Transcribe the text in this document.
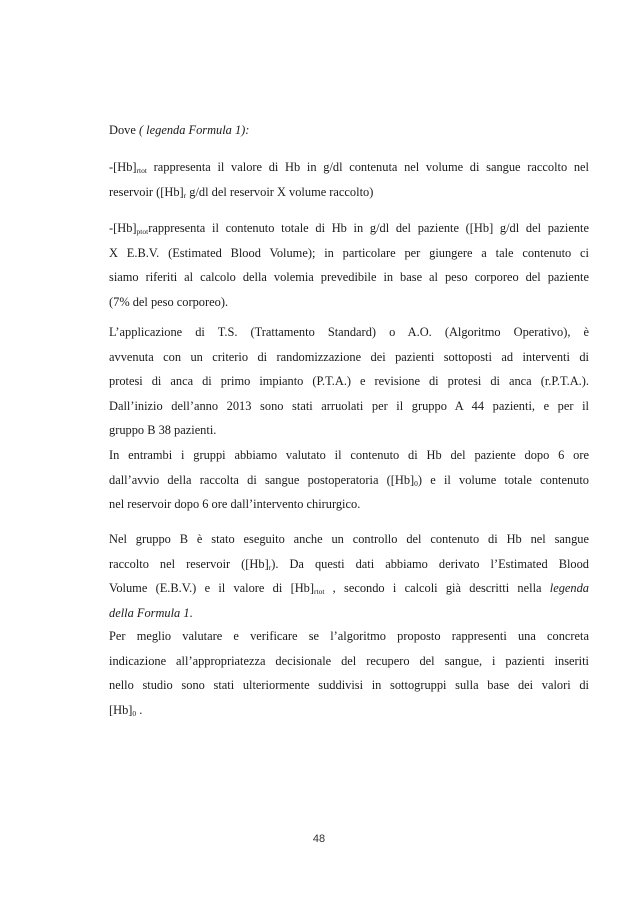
Dove ( legenda Formula 1):
$-[Hb]_{rtot}$ rappresenta il valore di Hb in g/dl contenuta nel volume di sangue raccolto nel
reservoir ($[Hb]_r$ g/dl del reservoir X volume raccolto)
$-[Hb]_{ptot}rappresenta$ il contenuto totale di Hb in g/dl del paziente ([Hb] g/dl del paziente
X E.B.V. (Estimated Blood Volume); in particolare per giungere a tale contenuto ci
siamo riferiti al calcolo della volemia prevedibile in base al peso corporeo del paziente
(7% del peso corporeo).
L’applicazione di T.S. (Trattamento Standard) o A.O. (Algoritmo Operativo), è
avvenuta con un criterio di randomizzazione dei pazienti sottoposti ad interventi di
protesi di anca di primo impianto (P.T.A.) e revisione di protesi di anca (r.P.T.A.).
Dall’inizio dell’anno 2013 sono stati arruolati per il gruppo A 44 pazienti, e per il
gruppo B 38 pazienti.
In entrambi i gruppi abbiamo valutato il contenuto di Hb del paziente dopo 6 ore
dall’avvio della raccolta di sangue postoperatoria $([Hb]_0)$ e il volume totale contenuto
nel reservoir dopo 6 ore dall’intervento chirurgico.
Nel gruppo B è stato eseguito anche un controllo del contenuto di Hb nel sangue
raccolto nel reservoir $([Hb]_r)$. Da questi dati abbiamo derivato l’Estimated Blood
Volume (E.B.V.) e il valore di $[Hb]_{rtot}$ , secondo i calcoli già descritti nella legenda
della Formula 1.
Per meglio valutare e verificare se l’algoritmo proposto rappresenti una concreta
indicazione all’appropriatezza decisionale del recupero del sangue, i pazienti inseriti
nello studio sono stati ulteriormente suddivisi in sottogruppi sulla base dei valori di
$[Hb]_0$ .
48
